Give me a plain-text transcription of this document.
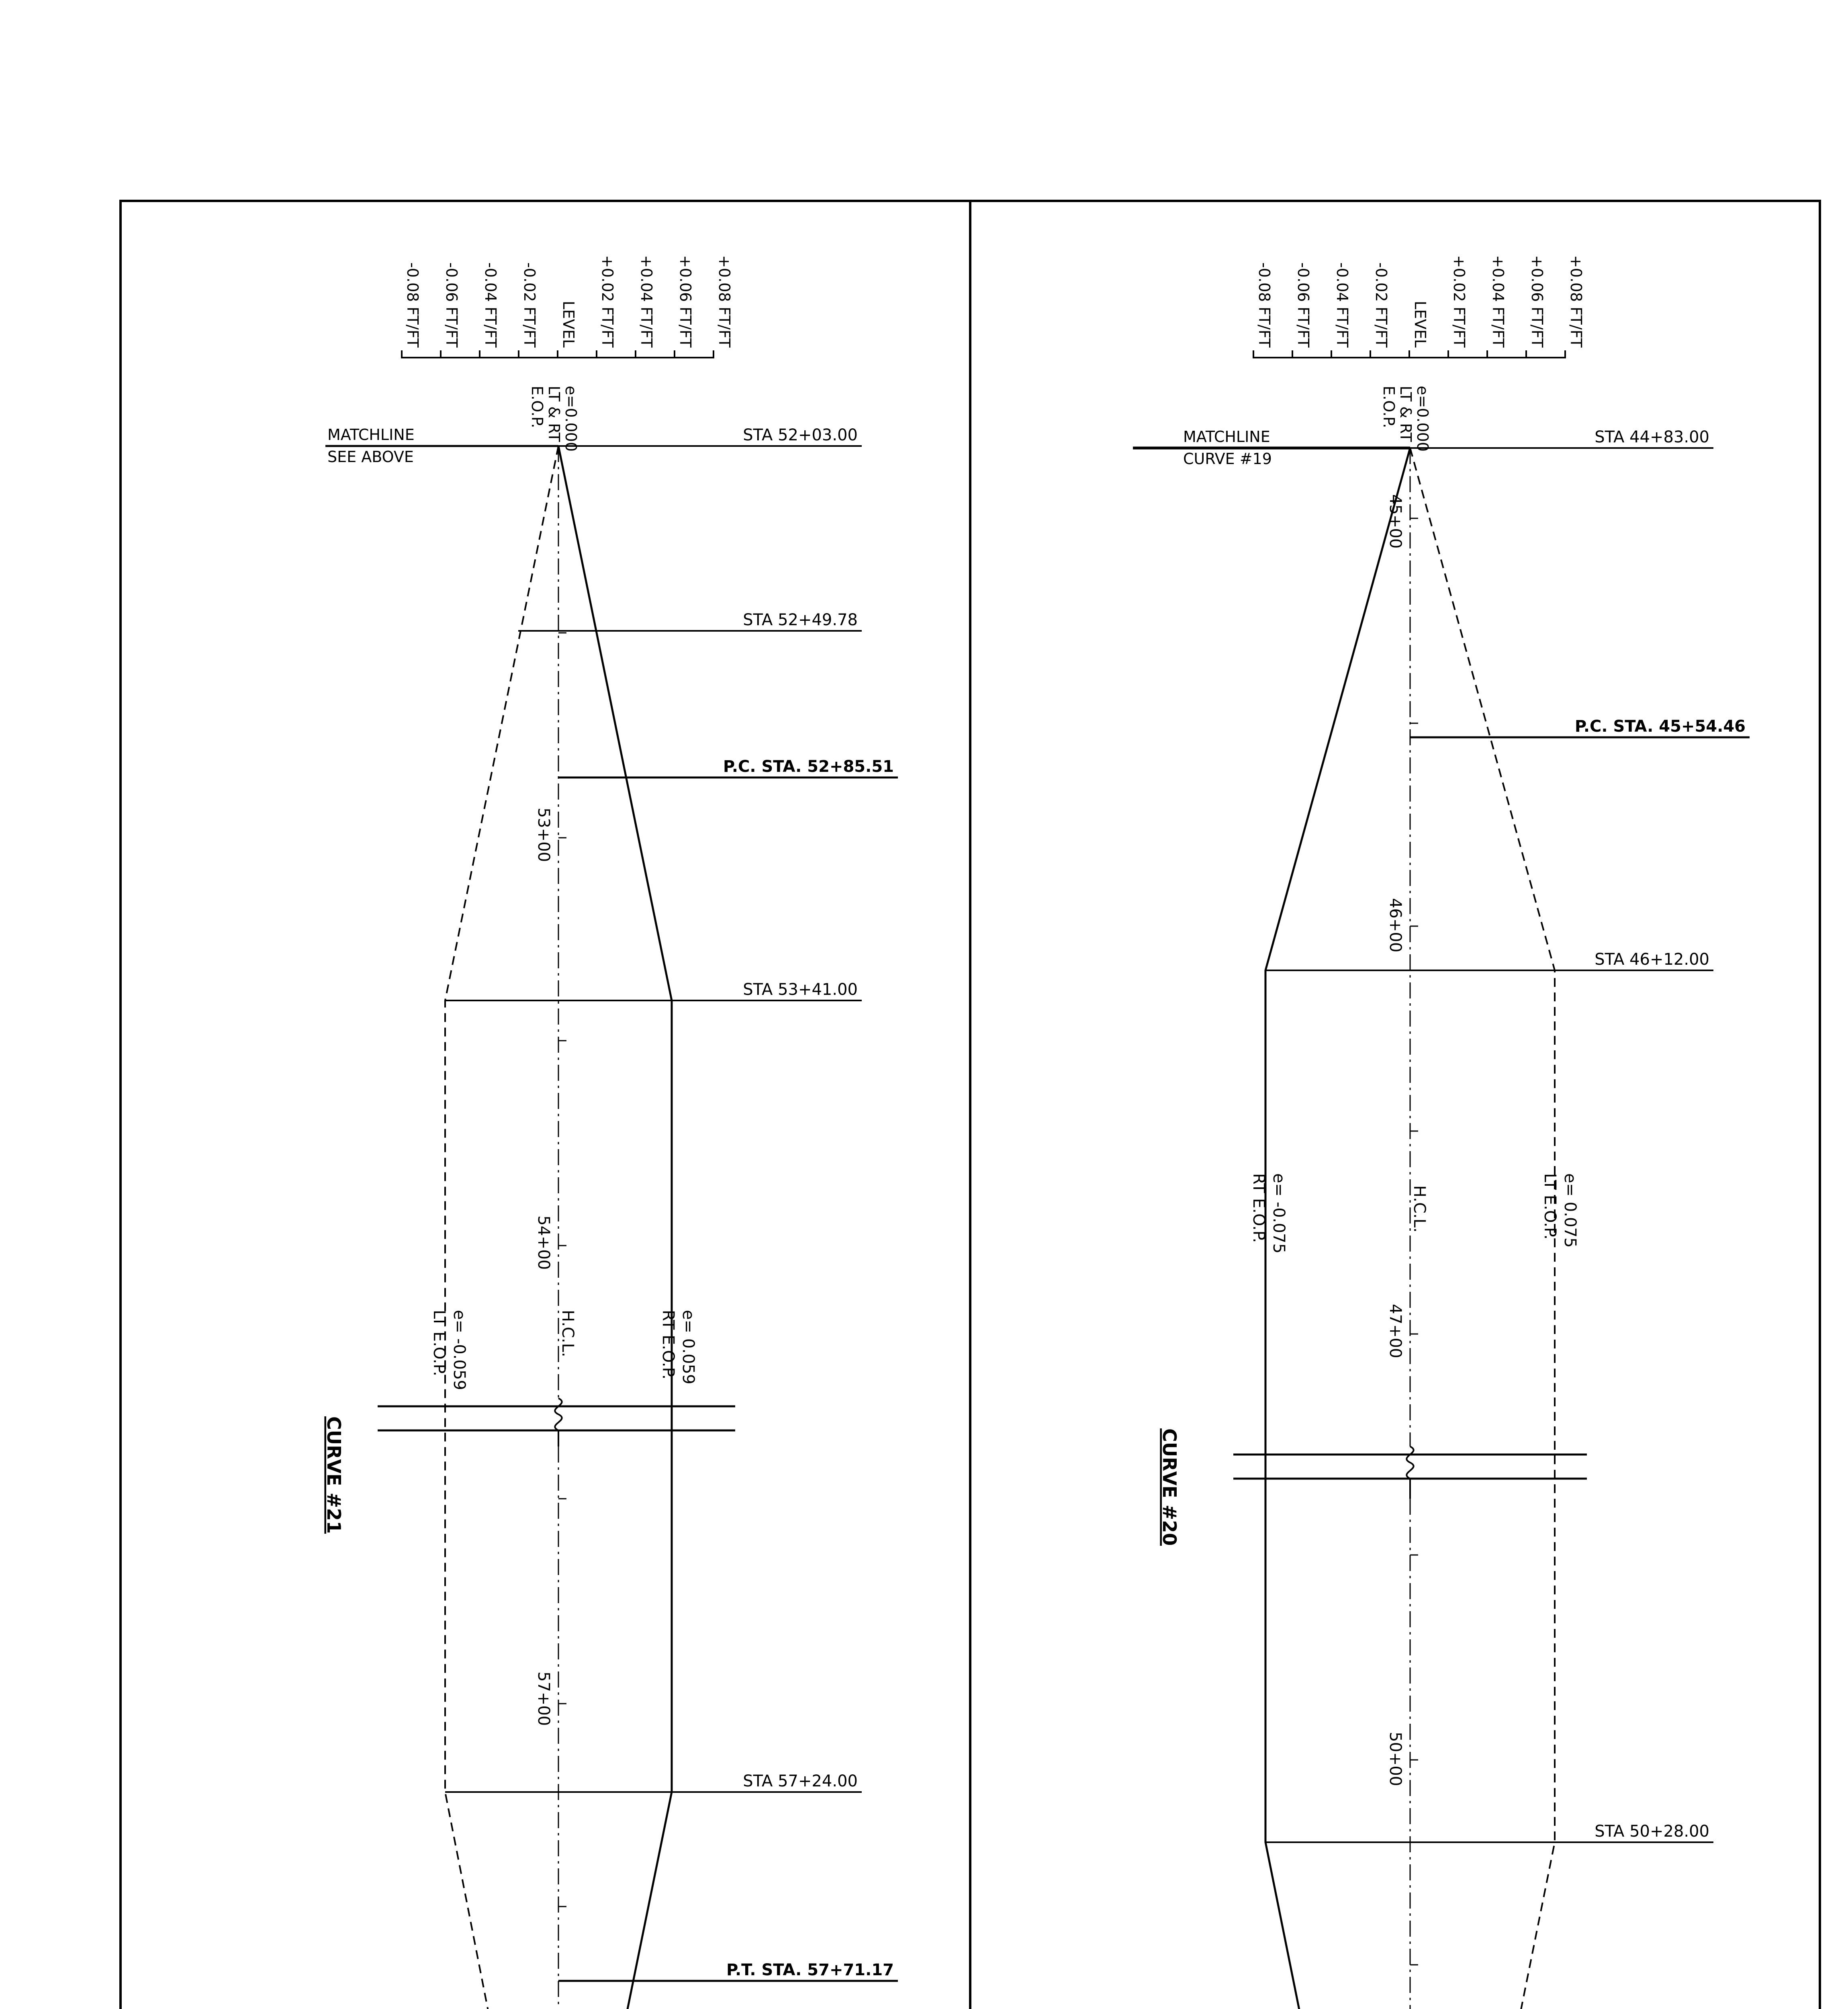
-0.08 FT/FT -0.06 FT/FT -0.04 FT/FT -0.02 FT/FT LEVEL +0.02 FT/FT +0.04 FT/FT +0.06 FT/FT +0.08 FT/FT
STA 52+03.00
STA 52+49.78
P.C. STA. 52+85.51
STA 53+41.00
STA 57+24.00
P.T. STA. 57+71.17
MATCHLINE
SEE ABOVE
e=0.000
LT & RT
E.O.P.
53+00
54+00
57+00
e= -0.059
LT E.O.P.	e= 0.059
RT E.O.P.
H.C.L.
CURVE #21
-0.08 FT/FT -0.06 FT/FT -0.04 FT/FT -0.02 FT/FT LEVEL +0.02 FT/FT +0.04 FT/FT +0.06 FT/FT +0.08 FT/FT
STA 44+83.00
P.C. STA. 45+54.46
STA 46+12.00
STA 50+28.00
MATCHLINE
CURVE #19
e=0.000
LT & RT
E.O.P.
45+00
46+00
47+00
50+00
e= -0.075
RT E.O.P.	e= 0.075
LT E.O.P.
H.C.L.
CURVE #20
